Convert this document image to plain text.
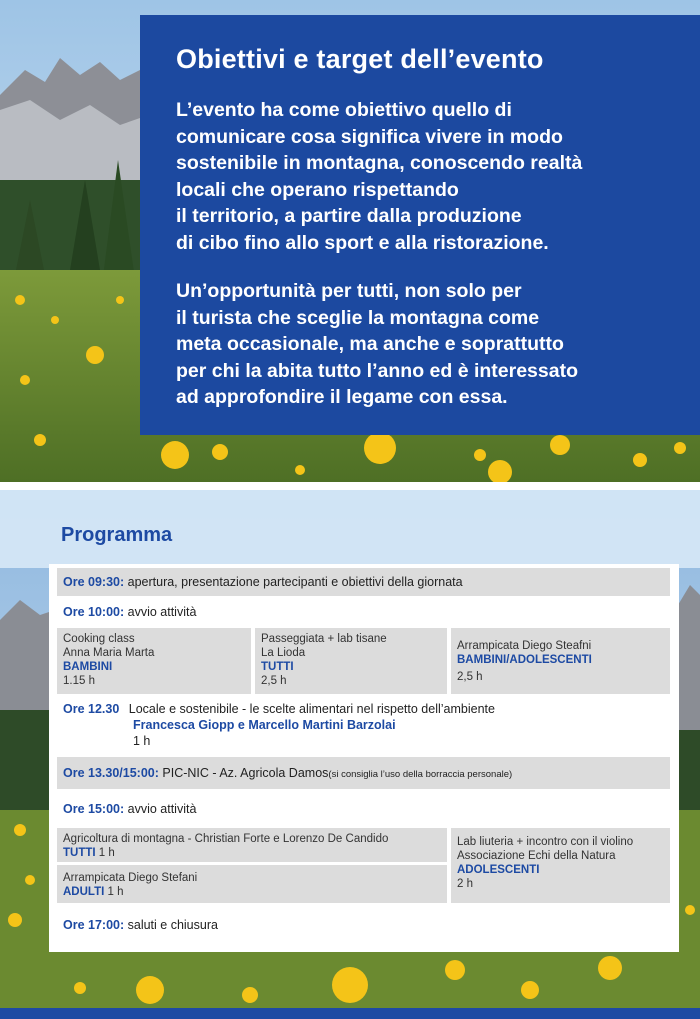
Obiettivi e target dell’evento

L’evento ha come obiettivo quello di
comunicare cosa significa vivere in modo
sostenibile in montagna, conoscendo realtà
locali che operano rispettando
il territorio, a partire dalla produzione
di cibo fino allo sport e alla ristorazione.

Un’opportunità per tutti, non solo per
il turista che sceglie la montagna come
meta occasionale, ma anche e soprattutto
per chi la abita tutto l’anno ed è interessato
ad approfondire il legame con essa.

Programma
Ore 09:30: apertura, presentazione partecipanti e obiettivi della giornata
Ore 10:00: avvio attività
Cooking class
Anna Maria Marta
BAMBINI
1.15 h
Passeggiata + lab tisane
La Lioda
TUTTI
2,5 h
Arrampicata Diego Steafni
BAMBINI/ADOLESCENTI
2,5 h
Ore 12.30 Locale e sostenibile - le scelte alimentari nel rispetto dell’ambiente
Francesca Giopp e Marcello Martini Barzolai
1 h
Ore 13.30/15:00: PIC-NIC - Az. Agricola Damos(si consiglia l’uso della borraccia personale)
Ore 15:00: avvio attività
Agricoltura di montagna - Christian Forte e Lorenzo De Candido
TUTTI 1 h
Arrampicata Diego Stefani
ADULTI 1 h
Lab liuteria + incontro con il violino
Associazione Echi della Natura
ADOLESCENTI
2 h
Ore 17:00: saluti e chiusura
